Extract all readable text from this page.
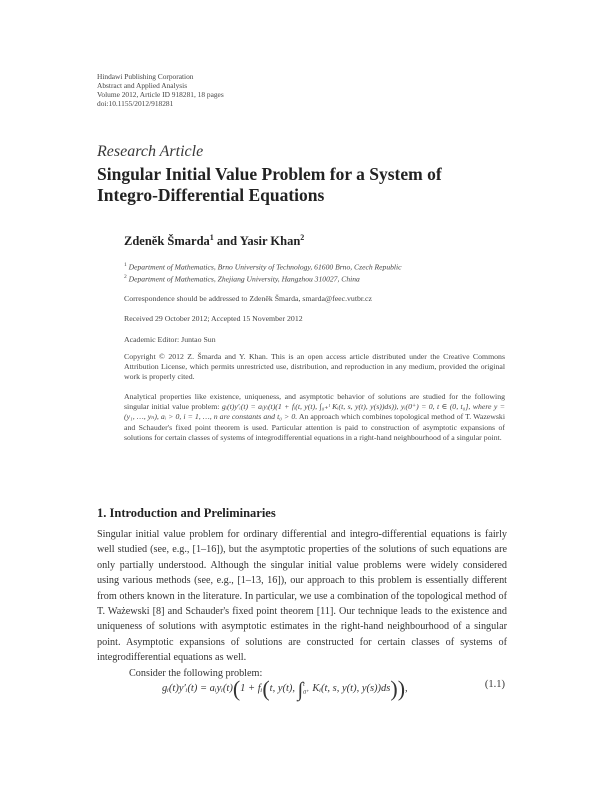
Hindawi Publishing Corporation
Abstract and Applied Analysis
Volume 2012, Article ID 918281, 18 pages
doi:10.1155/2012/918281
Research Article
Singular Initial Value Problem for a System of
Integro-Differential Equations
Zdeněk Šmarda$^1$ and Yasir Khan$^2$
$^1$ Department of Mathematics, Brno University of Technology, 61600 Brno, Czech Republic
$^2$ Department of Mathematics, Zhejiang University, Hangzhou 310027, China
Correspondence should be addressed to Zdeněk Šmarda, smarda@feec.vutbr.cz
Received 29 October 2012; Accepted 15 November 2012
Academic Editor: Juntao Sun
Copyright © 2012 Z. Šmarda and Y. Khan. This is an open access article distributed under the Creative Commons Attribution License, which permits unrestricted use, distribution, and reproduction in any medium, provided the original work is properly cited.
Analytical properties like existence, uniqueness, and asymptotic behavior of solutions are studied for the following singular initial value problem: gᵢ(t)y′ᵢ(t) = aᵢyᵢ(t)(1 + fᵢ(t, y(t), ∫₀₊ᵗ Kᵢ(t, s, y(t), y(s))ds)), yᵢ(0⁺) = 0, t ∈ (0, t₀], where y = (y₁, …, yₙ), aᵢ > 0, i = 1, …, n are constants and t₀ > 0. An approach which combines topological method of T. Wazewski and Schauder's fixed point theorem is used. Particular attention is paid to construction of asymptotic expansions of solutions for certain classes of systems of integrodifferential equations in a right-hand neighbourhood of a singular point.
1. Introduction and Preliminaries

Singular initial value problem for ordinary differential and integro-differential equations is fairly well studied (see, e.g., [1–16]), but the asymptotic properties of the solutions of such equations are only partially understood. Although the singular initial value problems were widely considered using various methods (see, e.g., [1–13, 16]), our approach to this problem is essentially different from others known in the literature. In particular, we use a combination of the topological method of T. Ważewski [8] and Schauder's fixed point theorem [11]. Our technique leads to the existence and uniqueness of solutions with asymptotic estimates in the right-hand neighbourhood of a singular point. Asymptotic expansions of solutions are constructed for certain classes of systems of integrodifferential equations as well.

Consider the following problem:

gᵢ(t)y′ᵢ(t) = aᵢyᵢ(t)(1 + fᵢ(t, y(t), ∫ t
0⁺ Kᵢ(t, s, y(t), y(s))ds)),	(1.1)
